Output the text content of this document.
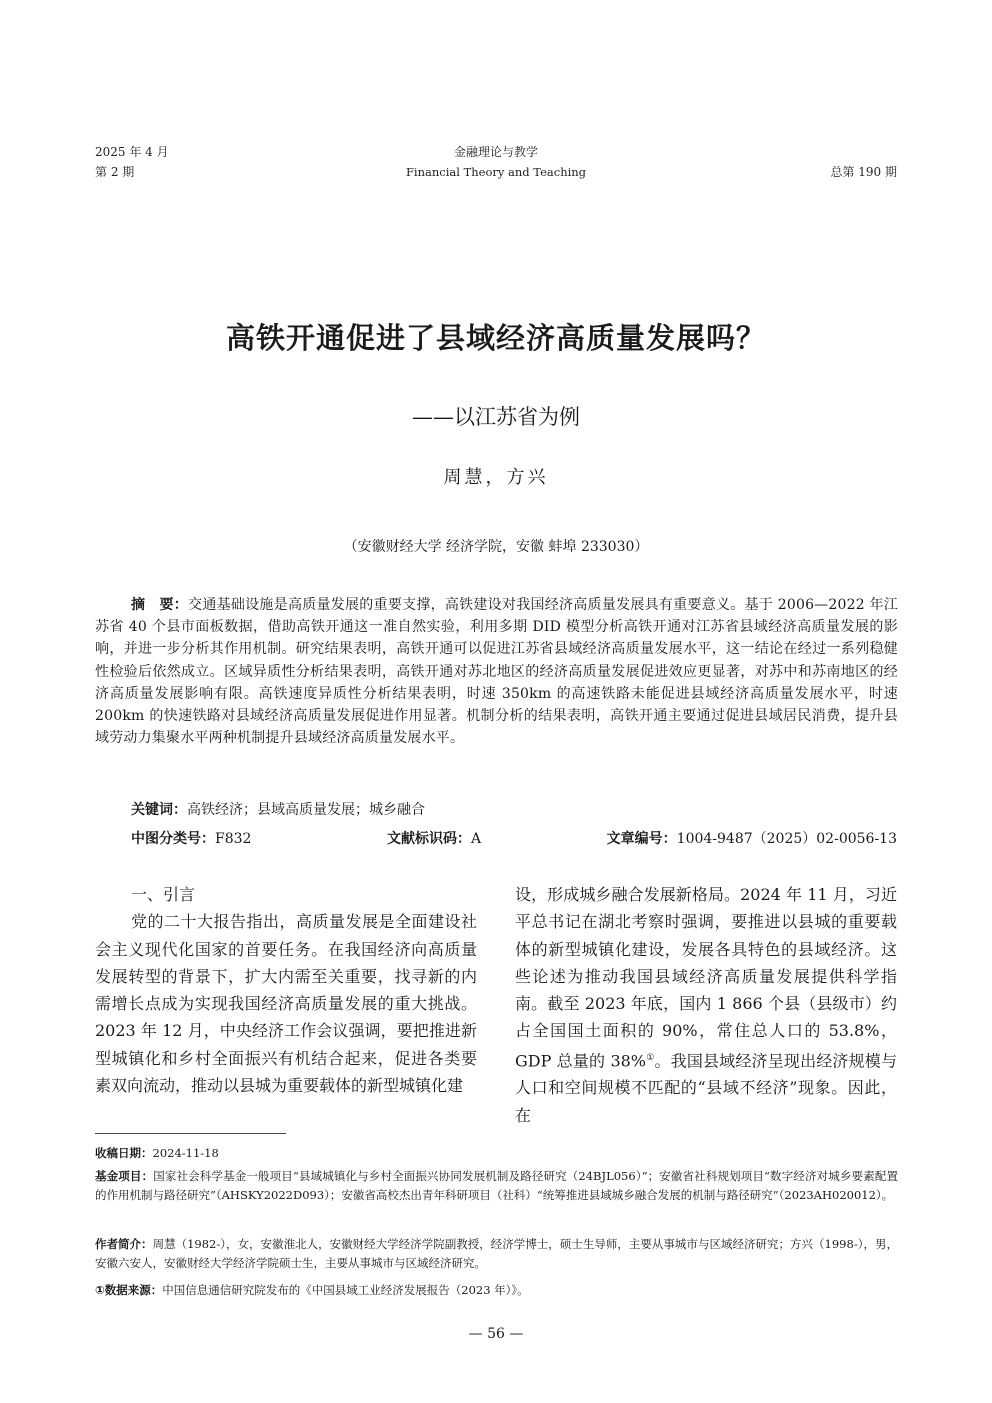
2025 年 4 月
第 2 期
金融理论与教学
Financial Theory and Teaching	总第 190 期
高铁开通促进了县域经济高质量发展吗？
——以江苏省为例
周慧，方兴
（安徽财经大学 经济学院，安徽 蚌埠 233030）
摘　要：交通基础设施是高质量发展的重要支撑，高铁建设对我国经济高质量发展具有重要意义。基于 2006—2022 年江苏省 40 个县市面板数据，借助高铁开通这一准自然实验，利用多期 DID 模型分析高铁开通对江苏省县域经济高质量发展的影响，并进一步分析其作用机制。研究结果表明，高铁开通可以促进江苏省县域经济高质量发展水平，这一结论在经过一系列稳健性检验后依然成立。区域异质性分析结果表明，高铁开通对苏北地区的经济高质量发展促进效应更显著，对苏中和苏南地区的经济高质量发展影响有限。高铁速度异质性分析结果表明，时速 350km 的高速铁路未能促进县域经济高质量发展水平，时速 200km 的快速铁路对县域经济高质量发展促进作用显著。机制分析的结果表明，高铁开通主要通过促进县域居民消费，提升县域劳动力集聚水平两种机制提升县域经济高质量发展水平。
关键词：高铁经济；县域高质量发展；城乡融合
中图分类号：F832	文献标识码：A	文章编号：1004-9487（2025）02-0056-13
一、引言

党的二十大报告指出，高质量发展是全面建设社会主义现代化国家的首要任务。在我国经济向高质量发展转型的背景下，扩大内需至关重要，找寻新的内需增长点成为实现我国经济高质量发展的重大挑战。2023 年 12 月，中央经济工作会议强调，要把推进新型城镇化和乡村全面振兴有机结合起来，促进各类要素双向流动，推动以县城为重要载体的新型城镇化建

设，形成城乡融合发展新格局。2024 年 11 月，习近平总书记在湖北考察时强调，要推进以县城的重要载体的新型城镇化建设，发展各具特色的县域经济。这些论述为推动我国县域经济高质量发展提供科学指南。截至 2023 年底，国内 1 866 个县（县级市）约占全国国土面积的 90%，常住总人口的 53.8%，GDP 总量的 38%①。我国县域经济呈现出经济规模与人口和空间规模不匹配的“县域不经济”现象。因此，在
收稿日期：2024-11-18
基金项目：国家社会科学基金一般项目“县域城镇化与乡村全面振兴协同发展机制及路径研究（24BJL056）”；安徽省社科规划项目“数字经济对城乡要素配置的作用机制与路径研究”（AHSKY2022D093）；安徽省高校杰出青年科研项目（社科）“统筹推进县域城乡融合发展的机制与路径研究”（2023AH020012）。
作者简介：周慧（1982-），女，安徽淮北人，安徽财经大学经济学院副教授，经济学博士，硕士生导师，主要从事城市与区域经济研究；方兴（1998-），男，安徽六安人，安徽财经大学经济学院硕士生，主要从事城市与区域经济研究。
①数据来源：中国信息通信研究院发布的《中国县域工业经济发展报告（2023 年）》。
— 56 —
